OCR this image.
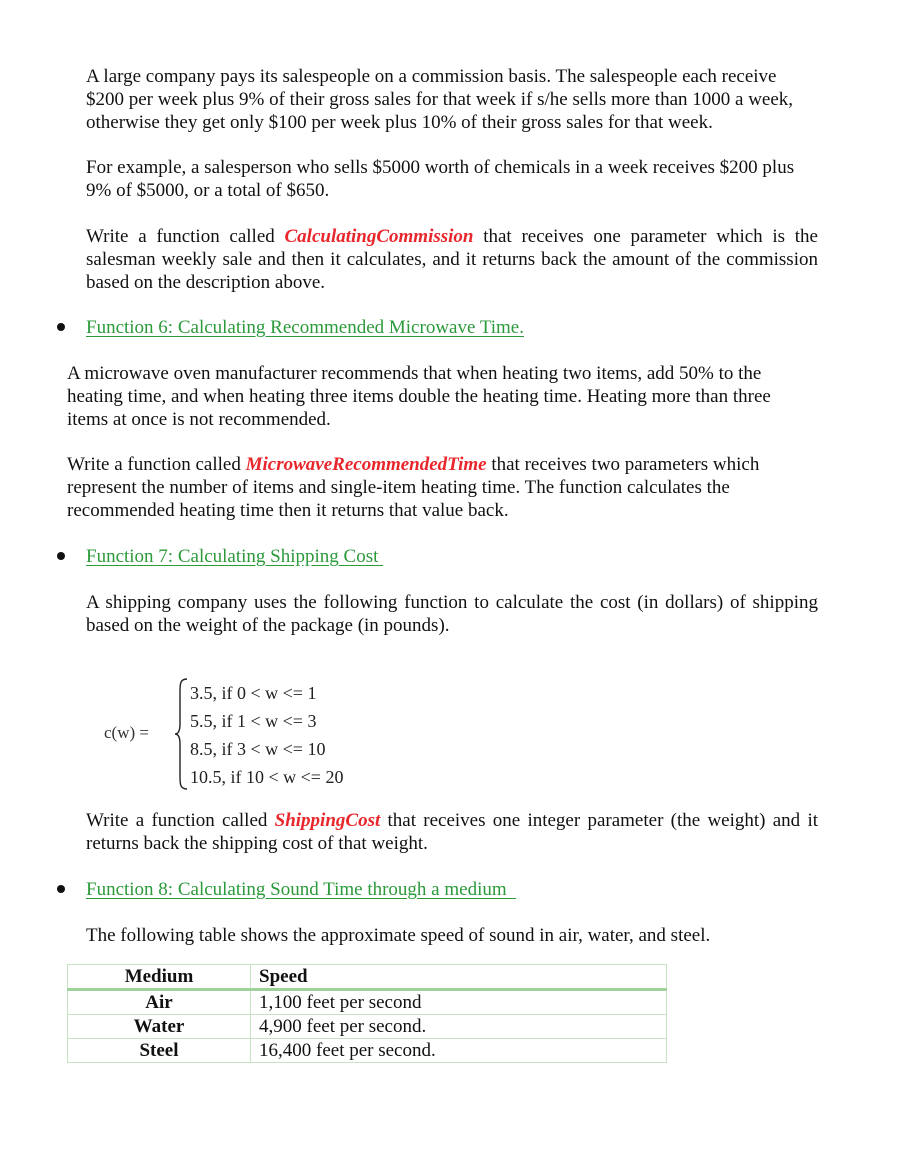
A large company pays its salespeople on a commission basis. The salespeople each receive $200 per week plus 9% of their gross sales for that week if s/he sells more than 1000 a week, otherwise they get only $100 per week plus 10% of their gross sales for that week.

For example, a salesperson who sells $5000 worth of chemicals in a week receives $200 plus 9% of $5000, or a total of $650.

Write a function called CalculatingCommission that receives one parameter which is the salesman weekly sale and then it calculates, and it returns back the amount of the commission based on the description above.

Function 6: Calculating Recommended Microwave Time.

A microwave oven manufacturer recommends that when heating two items, add 50% to the heating time, and when heating three items double the heating time. Heating more than three items at once is not recommended.

Write a function called MicrowaveRecommendedTime that receives two parameters which represent the number of items and single-item heating time. The function calculates the recommended heating time then it returns that value back.

Function 7: Calculating Shipping Cost

A shipping company uses the following function to calculate the cost (in dollars) of shipping based on the weight of the package (in pounds).

c(w) =
3.5, if 0 < w <= 1
5.5, if 1 < w <= 3
8.5, if 3 < w <= 10
10.5, if 10 < w <= 20

Write a function called ShippingCost that receives one integer parameter (the weight) and it returns back the shipping cost of that weight.

Function 8: Calculating Sound Time through a medium

The following table shows the approximate speed of sound in air, water, and steel.

Medium	Speed
Air	1,100 feet per second
Water	4,900 feet per second.
Steel	16,400 feet per second.
